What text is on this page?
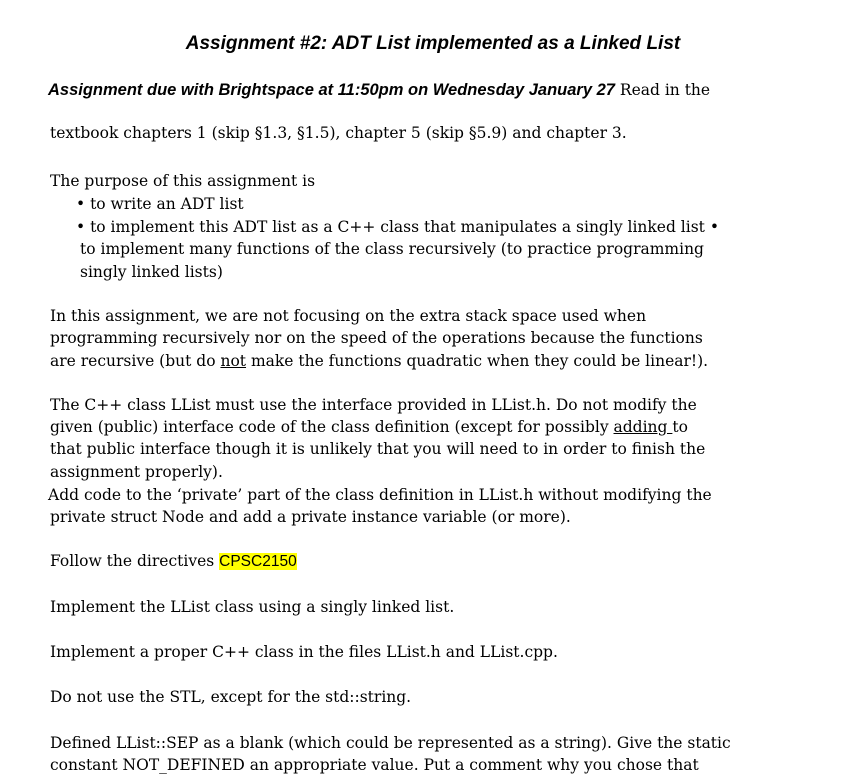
Assignment #2: ADT List implemented as a Linked List
Assignment due with Brightspace at 11:50pm on Wednesday January 27 Read in the
textbook chapters 1 (skip §1.3, §1.5), chapter 5 (skip §5.9) and chapter 3.
The purpose of this assignment is
• to write an ADT list
• to implement this ADT list as a C++ class that manipulates a singly linked list •
to implement many functions of the class recursively (to practice programming
singly linked lists)
In this assignment, we are not focusing on the extra stack space used when
programming recursively nor on the speed of the operations because the functions
are recursive (but do not make the functions quadratic when they could be linear!).
The C++ class LList must use the interface provided in LList.h. Do not modify the
given (public) interface code of the class definition (except for possibly adding to
that public interface though it is unlikely that you will need to in order to finish the
assignment properly).
Add code to the ‘private’ part of the class definition in LList.h without modifying the
private struct Node and add a private instance variable (or more).
Follow the directives CPSC2150
Implement the LList class using a singly linked list.
Implement a proper C++ class in the files LList.h and LList.cpp.
Do not use the STL, except for the std::string.
Defined LList::SEP as a blank (which could be represented as a string). Give the static
constant NOT_DEFINED an appropriate value. Put a comment why you chose that
